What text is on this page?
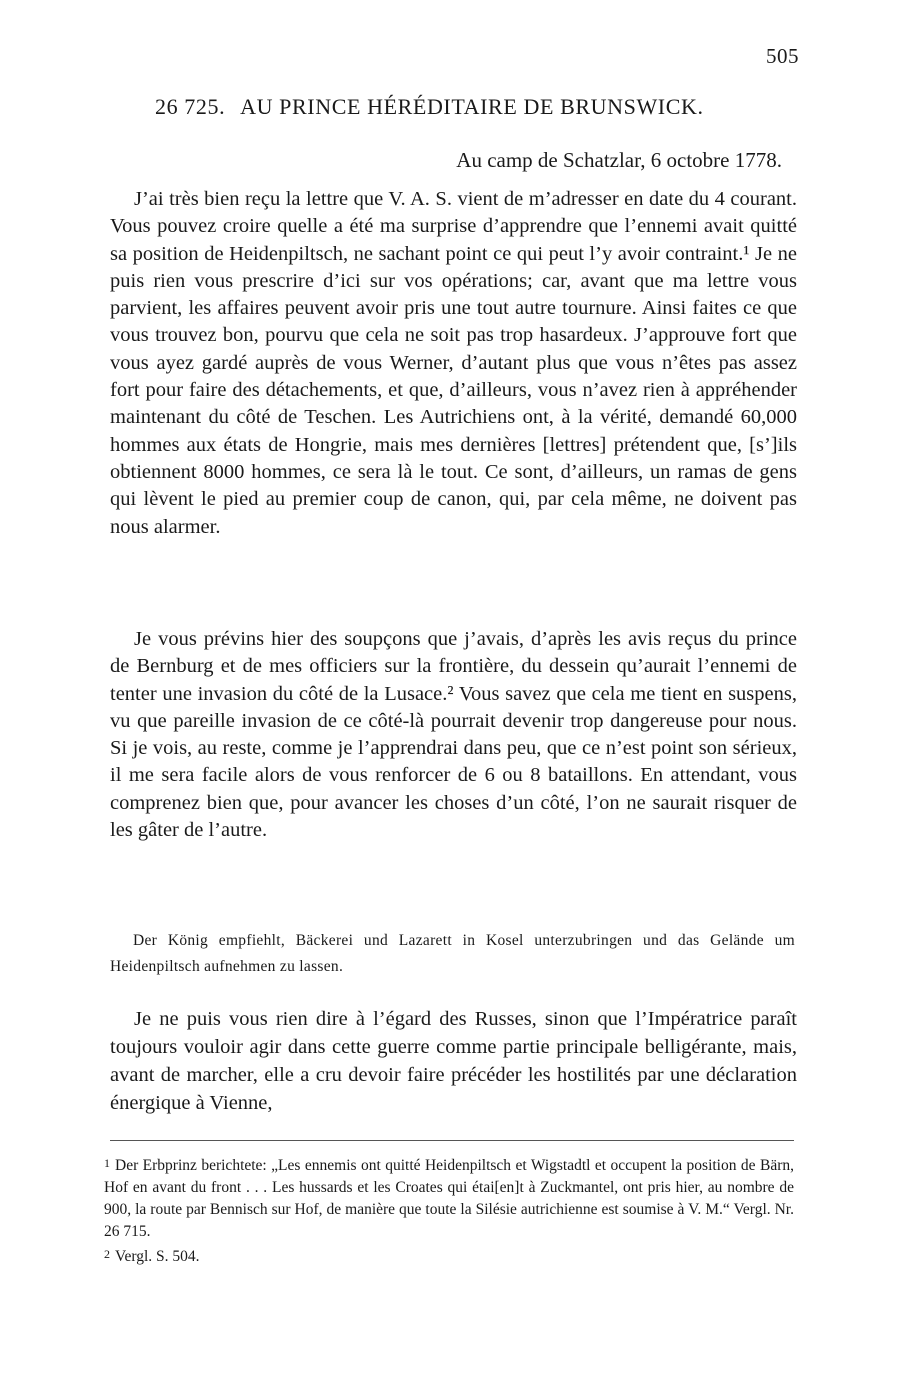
505
26 725. AU PRINCE HÉRÉDITAIRE DE BRUNSWICK.
Au camp de Schatzlar, 6 octobre 1778.

J’ai très bien reçu la lettre que V. A. S. vient de m’adresser en date du 4 courant. Vous pouvez croire quelle a été ma surprise d’apprendre que l’ennemi avait quitté sa position de Heidenpiltsch, ne sachant point ce qui peut l’y avoir contraint.¹ Je ne puis rien vous prescrire d’ici sur vos opérations; car, avant que ma lettre vous parvient, les affaires peuvent avoir pris une tout autre tournure. Ainsi faites ce que vous trouvez bon, pourvu que cela ne soit pas trop hasardeux. J’approuve fort que vous ayez gardé auprès de vous Werner, d’autant plus que vous n’êtes pas assez fort pour faire des détachements, et que, d’ailleurs, vous n’avez rien à appréhender maintenant du côté de Teschen. Les Autrichiens ont, à la vérité, demandé 60,000 hommes aux états de Hongrie, mais mes dernières [lettres] prétendent que, [s’]ils obtiennent 8000 hommes, ce sera là le tout. Ce sont, d’ailleurs, un ramas de gens qui lèvent le pied au premier coup de canon, qui, par cela même, ne doivent pas nous alarmer.

Je vous prévins hier des soupçons que j’avais, d’après les avis reçus du prince de Bernburg et de mes officiers sur la frontière, du dessein qu’aurait l’ennemi de tenter une invasion du côté de la Lusace.² Vous savez que cela me tient en suspens, vu que pareille invasion de ce côté-là pourrait devenir trop dangereuse pour nous. Si je vois, au reste, comme je l’apprendrai dans peu, que ce n’est point son sérieux, il me sera facile alors de vous renforcer de 6 ou 8 bataillons. En attendant, vous comprenez bien que, pour avancer les choses d’un côté, l’on ne saurait risquer de les gâter de l’autre.

Der König empfiehlt, Bäckerei und Lazarett in Kosel unterzubringen und das Gelände um Heidenpiltsch aufnehmen zu lassen.

Je ne puis vous rien dire à l’égard des Russes, sinon que l’Impératrice paraît toujours vouloir agir dans cette guerre comme partie principale belligérante, mais, avant de marcher, elle a cru devoir faire précéder les hostilités par une déclaration énergique à Vienne,

1 Der Erbprinz berichtete: „Les ennemis ont quitté Heidenpiltsch et Wigstadtl et occupent la position de Bärn, Hof en avant du front . . . Les hussards et les Croates qui étai[en]t à Zuckmantel, ont pris hier, au nombre de 900, la route par Bennisch sur Hof, de manière que toute la Silésie autrichienne est soumise à V. M.“ Vergl. Nr. 26 715.

2 Vergl. S. 504.
